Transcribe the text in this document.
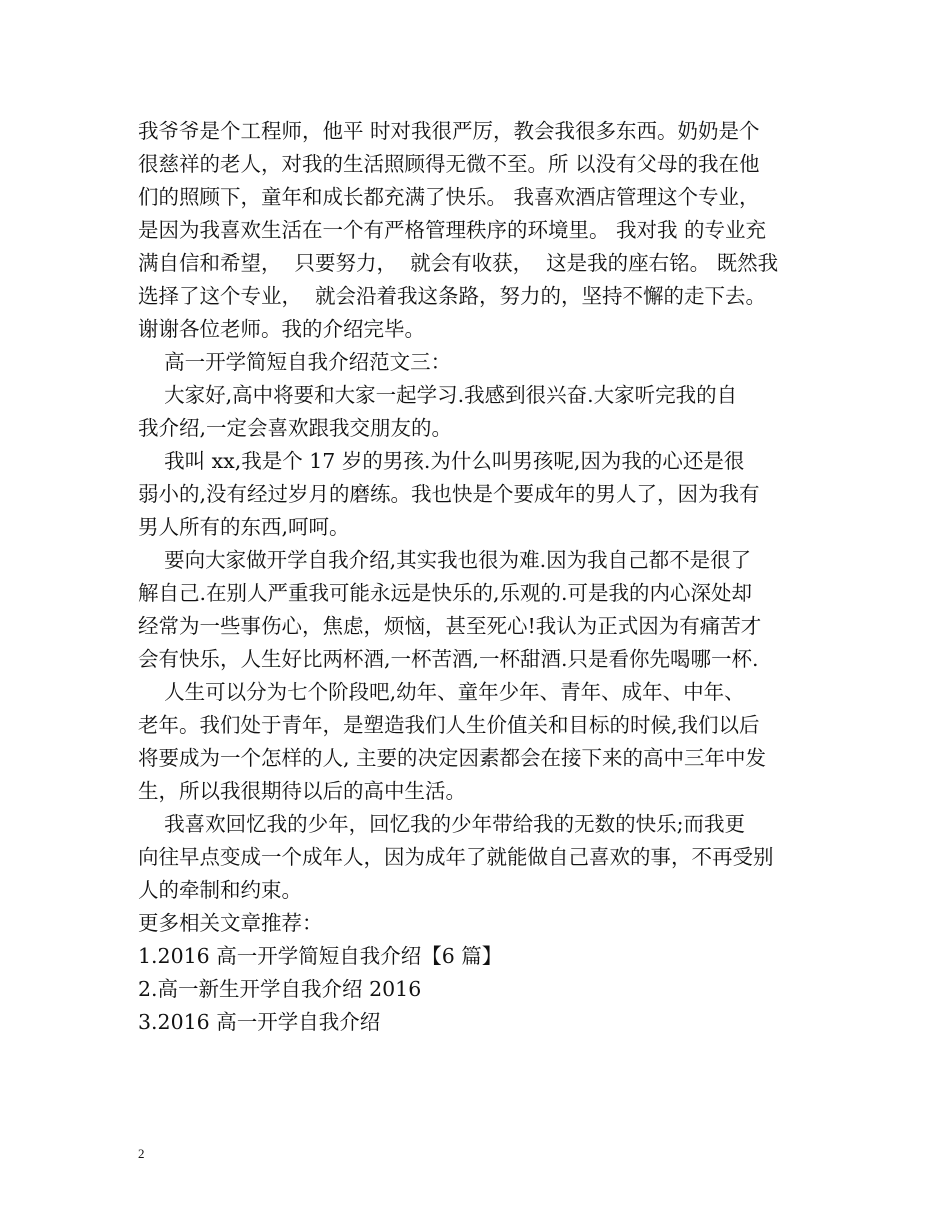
我爷爷是个工程师，他平 时对我很严厉，教会我很多东西。奶奶是个
很慈祥的老人，对我的生活照顾得无微不至。所 以没有父母的我在他
们的照顾下，童年和成长都充满了快乐。 我喜欢酒店管理这个专业，
是因为我喜欢生活在一个有严格管理秩序的环境里。 我对我 的专业充
满自信和希望，  只要努力，  就会有收获，  这是我的座右铭。 既然我
选择了这个专业，  就会沿着我这条路，努力的，坚持不懈的走下去。
谢谢各位老师。我的介绍完毕。
高一开学简短自我介绍范文三：
大家好,高中将要和大家一起学习.我感到很兴奋.大家听完我的自
我介绍,一定会喜欢跟我交朋友的。
我叫 xx,我是个 17 岁的男孩.为什么叫男孩呢,因为我的心还是很
弱小的,没有经过岁月的磨练。我也快是个要成年的男人了，因为我有
男人所有的东西,呵呵。
要向大家做开学自我介绍,其实我也很为难.因为我自己都不是很了
解自己.在别人严重我可能永远是快乐的,乐观的.可是我的内心深处却
经常为一些事伤心，焦虑，烦恼，甚至死心!我认为正式因为有痛苦才
会有快乐，人生好比两杯酒,一杯苦酒,一杯甜酒.只是看你先喝哪一杯.
人生可以分为七个阶段吧,幼年、童年少年、青年、成年、中年、
老年。我们处于青年，是塑造我们人生价值关和目标的时候,我们以后
将要成为一个怎样的人, 主要的决定因素都会在接下来的高中三年中发
生，所以我很期待以后的高中生活。
我喜欢回忆我的少年，回忆我的少年带给我的无数的快乐;而我更
向往早点变成一个成年人，因为成年了就能做自己喜欢的事，不再受别
人的牵制和约束。
更多相关文章推荐：
1.2016 高一开学简短自我介绍【6 篇】
2.高一新生开学自我介绍 2016
3.2016 高一开学自我介绍
2
